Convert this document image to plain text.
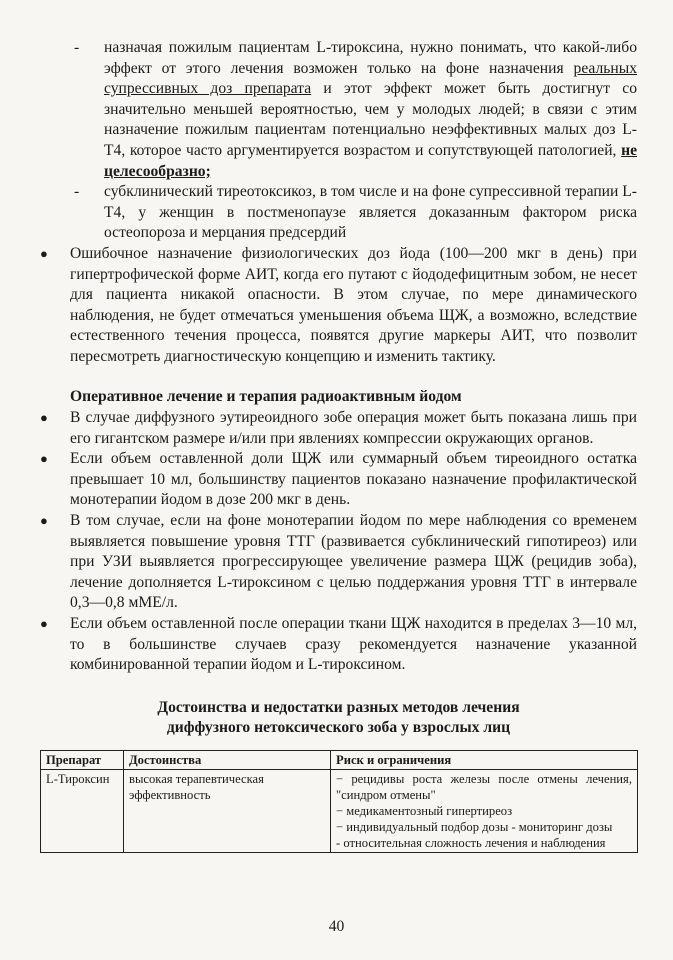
- назначая пожилым пациентам L-тироксина, нужно понимать, что какой-либо эффект от этого лечения возможен только на фоне назначения реальных супрессивных доз препарата и этот эффект может быть достигнут со значительно меньшей вероятностью, чем у молодых людей; в связи с этим назначение пожилым пациентам потенциально неэффективных малых доз L-T4, которое часто аргументируется возрастом и сопутствующей патологией, не целесообразно;
- субклинический тиреотоксикоз, в том числе и на фоне супрессивной терапии L-T4, у женщин в постменопаузе является доказанным фактором риска остеопороза и мерцания предсердий
● Ошибочное назначение физиологических доз йода (100—200 мкг в день) при гипертрофической форме АИТ, когда его путают с йододефицитным зобом, не несет для пациента никакой опасности. В этом случае, по мере динамического наблюдения, не будет отмечаться уменьшения объема ЩЖ, а возможно, вследствие естественного течения процесса, появятся другие маркеры АИТ, что позволит пересмотреть диагностическую концепцию и изменить тактику.
Оперативное лечение и терапия радиоактивным йодом
● В случае диффузного эутиреоидного зобе операция может быть показана лишь при его гигантском размере и/или при явлениях компрессии окружающих органов.
● Если объем оставленной доли ЩЖ или суммарный объем тиреоидного остатка превышает 10 мл, большинству пациентов показано назначение профилактической монотерапии йодом в дозе 200 мкг в день.
● В том случае, если на фоне монотерапии йодом по мере наблюдения со временем выявляется повышение уровня ТТГ (развивается субклинический гипотиреоз) или при УЗИ выявляется прогрессирующее увеличение размера ЩЖ (рецидив зоба), лечение дополняется L-тироксином с целью поддержания уровня ТТГ в интервале 0,3—0,8 мМЕ/л.
● Если объем оставленной после операции ткани ЩЖ находится в пределах 3—10 мл, то в большинстве случаев сразу рекомендуется назначение указанной комбинированной терапии йодом и L-тироксином.
Достоинства и недостатки разных методов лечения
диффузного нетоксического зоба у взрослых лиц
Препарат	Достоинства	Риск и ограничения
L-Тироксин	высокая терапевтическая эффективность	− рецидивы роста железы после отмены лечения, "синдром отмены"
− медикаментозный гипертиреоз
− индивидуальный подбор дозы - мониторинг дозы
- относительная сложность лечения и наблюдения
40
